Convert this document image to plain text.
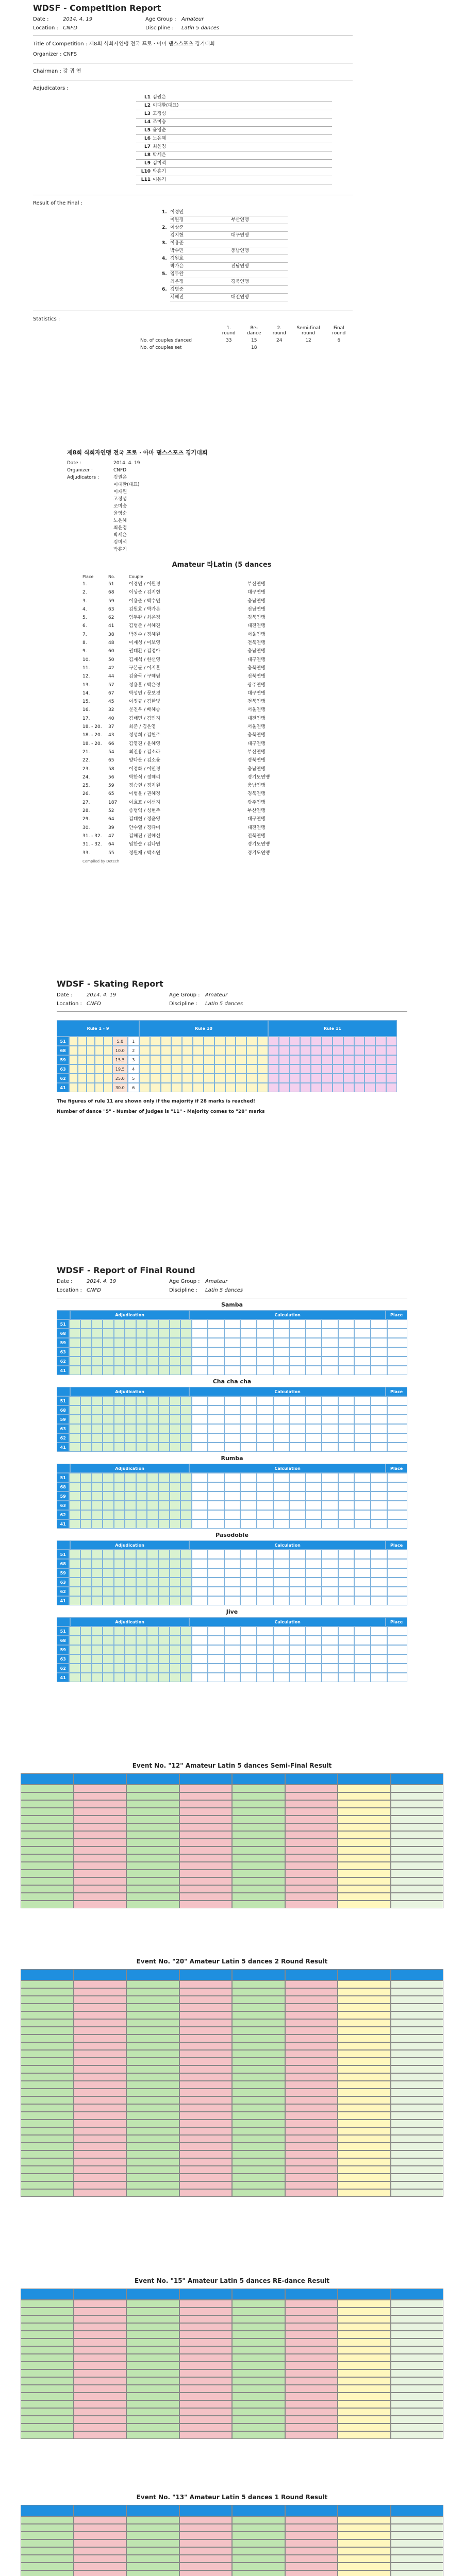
WDSF - Competition Report
Date :	2014. 4. 19	Age Group :	Amateur
Location : CNFD	Discipline :	Latin 5 dances
Title of Competition : 제8회 식회자연맹 전국 프로 · 아마 댄스스포츠 경기대회
Organizer : CNFS
Chairman : 강 귀 연
Adjudicators :
L1 김권은
L2 이대환(대표)
L3 고정성
L4 조미승
L5 윤영순
L6 노은혜
L7 최윤정
L8 박세은
L9 김미석
L10 박흥기
L11 이용기
Result of the Final :
1. 이경민
이원경	부산연맹
2. 이상준
김지현	대구연맹
3. 이용준
박수민	충남연맹
4. 김원효
박가은	전남연맹
5. 임두완
최은정	경북연맹
6. 김병준
서혜진	대전연맹
Statistics :
	1. round	Re-dance	2. round	Semi-final round	Final round
No. of couples danced	33	15	24	12	6
No. of couples set		18			
제8회 식회자연맹 전국 프로 · 아마 댄스스포츠 경기대회
Date :	2014. 4. 19
Organizer :	CNFD
Adjudicators :	김권은
이대환(대표)
이재원
고정성
조미승
윤영순
노은혜
최윤정
박세은
김미석
박흥기
Amateur 라Latin (5 dances
Place	No.	Couple
1.	51	이경민 / 이원경	부산연맹
2.	68	이상준 / 김지현	대구연맹
3.	59	이용준 / 박수민	충남연맹
4.	63	김원효 / 박가은	전남연맹
5.	62	임두완 / 최은정	경북연맹
6.	41	김병준 / 서혜진	대전연맹
7.	38	박진수 / 정혜원	서울연맹
8.	48	이재성 / 이보영	전북연맹
9.	60	권태환 / 김정아	충남연맹
10.	50	김재석 / 한선영	대구연맹
11.	42	구본균 / 이지훈	충북연맹
12.	44	김윤국 / 구혜림	전북연맹
13.	57	정용훈 / 박은정	광주연맹
14.	67	박성민 / 문보경	대구연맹
15.	45	이정규 / 김한빛	전북연맹
16.	32	문진우 / 배혜승	서울연맹
17.	40	김태민 / 김민지	대전연맹
18. - 20.	37	최준 / 김은영	서울연맹
18. - 20.	43	정성희 / 김현주	충북연맹
18. - 20.	66	김영진 / 윤혜영	대구연맹
21.	54	최진용 / 김소라	부산연맹
22.	65	양다운 / 김소윤	경북연맹
23.	58	이정화 / 이민경	충남연맹
24.	56	박한식 / 정혜리	경기도연맹
25.	59	정승현 / 정지원	충남연맹
26.	65	이형윤 / 권혜정	경북연맹
27.	187	이효표 / 이선지	광주연맹
28.	52	송병익 / 성현주	부산연맹
29.	64	김태현 / 정윤영	대구연맹
30.	39	안수열 / 정다미	대전연맹
31. - 32.	47	김해진 / 진혜선	전북연맹
31. - 32.	64	임한슬 / 김나연	경기도연맹
33.	55	정원재 / 박소연	경기도연맹
Compiled by Detech
WDSF - Skating Report
Date :	2014. 4. 19	Age Group :	Amateur
Location : CNFD	Discipline :	Latin 5 dances
Rule 1 - 9
51	5.0	1
68	10.0	2
59	15.5	3
63	19.5	4
62	25.0	5
41	30.0	6
Rule 10	Rule 11
The figures of rule 11 are shown only if the majority if 28 marks is reached!
Number of dance "5" - Number of judges is "11" - Majority comes to "28" marks
WDSF - Report of Final Round
Date :	2014. 4. 19	Age Group :	Amateur
Location : CNFD	Discipline :	Latin 5 dances
Samba
Adjudication	Calculation	Place
51
68
59
63
62
41
Cha cha cha
Adjudication	Calculation	Place
51
68
59
63
62
41
Rumba
Adjudication	Calculation	Place
51
68
59
63
62
41
Pasodoble
Adjudication	Calculation	Place
51
68
59
63
62
41
Jive
Adjudication	Calculation	Place
51
68
59
63
62
41
Event No. "12" Amateur Latin 5 dances Semi-Final Result
Event No. "20" Amateur Latin 5 dances 2 Round Result
Event No. "15" Amateur Latin 5 dances RE-dance Result
Event No. "13" Amateur Latin 5 dances 1 Round Result
